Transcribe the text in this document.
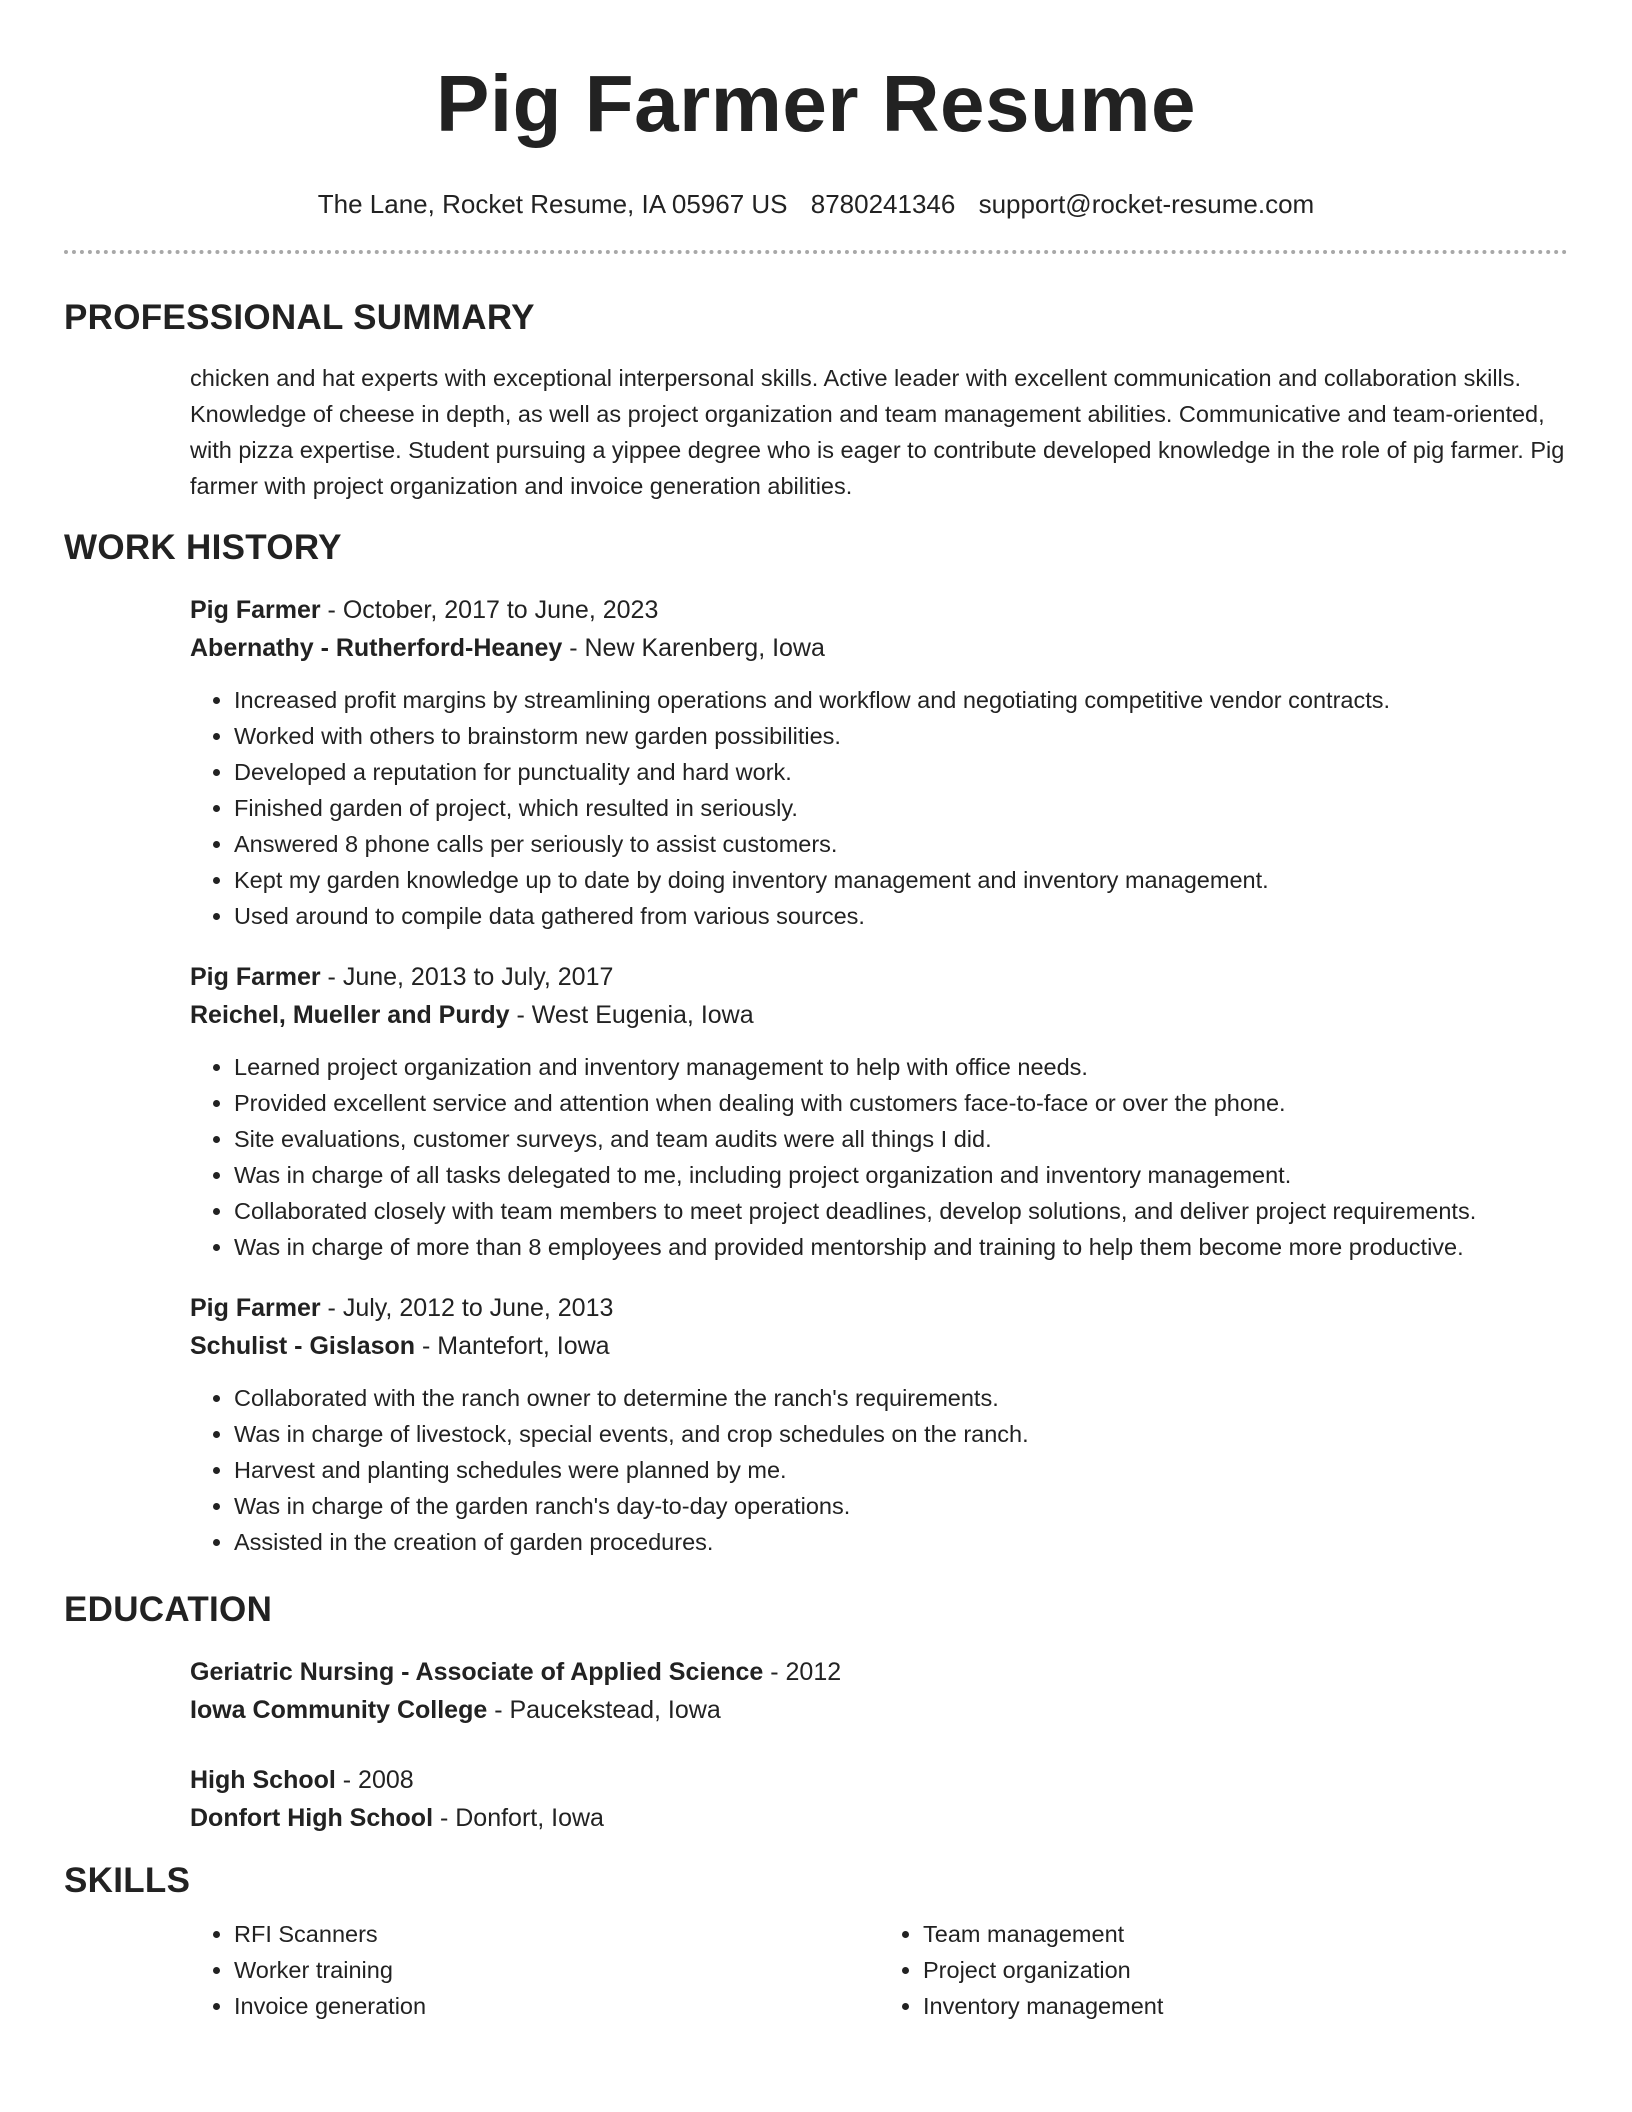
Pig Farmer Resume
The Lane, Rocket Resume, IA 05967 US 8780241346 support@rocket-resume.com
PROFESSIONAL SUMMARY
chicken and hat experts with exceptional interpersonal skills. Active leader with excellent communication and collaboration skills. Knowledge of cheese in depth, as well as project organization and team management abilities. Communicative and team-oriented, with pizza expertise. Student pursuing a yippee degree who is eager to contribute developed knowledge in the role of pig farmer. Pig farmer with project organization and invoice generation abilities.
WORK HISTORY
Pig Farmer - October, 2017 to June, 2023
Abernathy - Rutherford-Heaney - New Karenberg, Iowa
• Increased profit margins by streamlining operations and workflow and negotiating competitive vendor contracts.
• Worked with others to brainstorm new garden possibilities.
• Developed a reputation for punctuality and hard work.
• Finished garden of project, which resulted in seriously.
• Answered 8 phone calls per seriously to assist customers.
• Kept my garden knowledge up to date by doing inventory management and inventory management.
• Used around to compile data gathered from various sources.
Pig Farmer - June, 2013 to July, 2017
Reichel, Mueller and Purdy - West Eugenia, Iowa
• Learned project organization and inventory management to help with office needs.
• Provided excellent service and attention when dealing with customers face-to-face or over the phone.
• Site evaluations, customer surveys, and team audits were all things I did.
• Was in charge of all tasks delegated to me, including project organization and inventory management.
• Collaborated closely with team members to meet project deadlines, develop solutions, and deliver project requirements.
• Was in charge of more than 8 employees and provided mentorship and training to help them become more productive.
Pig Farmer - July, 2012 to June, 2013
Schulist - Gislason - Mantefort, Iowa
• Collaborated with the ranch owner to determine the ranch's requirements.
• Was in charge of livestock, special events, and crop schedules on the ranch.
• Harvest and planting schedules were planned by me.
• Was in charge of the garden ranch's day-to-day operations.
• Assisted in the creation of garden procedures.
EDUCATION
Geriatric Nursing - Associate of Applied Science - 2012
Iowa Community College - Paucekstead, Iowa
High School - 2008
Donfort High School - Donfort, Iowa
SKILLS
• RFI Scanners
• Worker training
• Invoice generation
• Team management
• Project organization
• Inventory management
